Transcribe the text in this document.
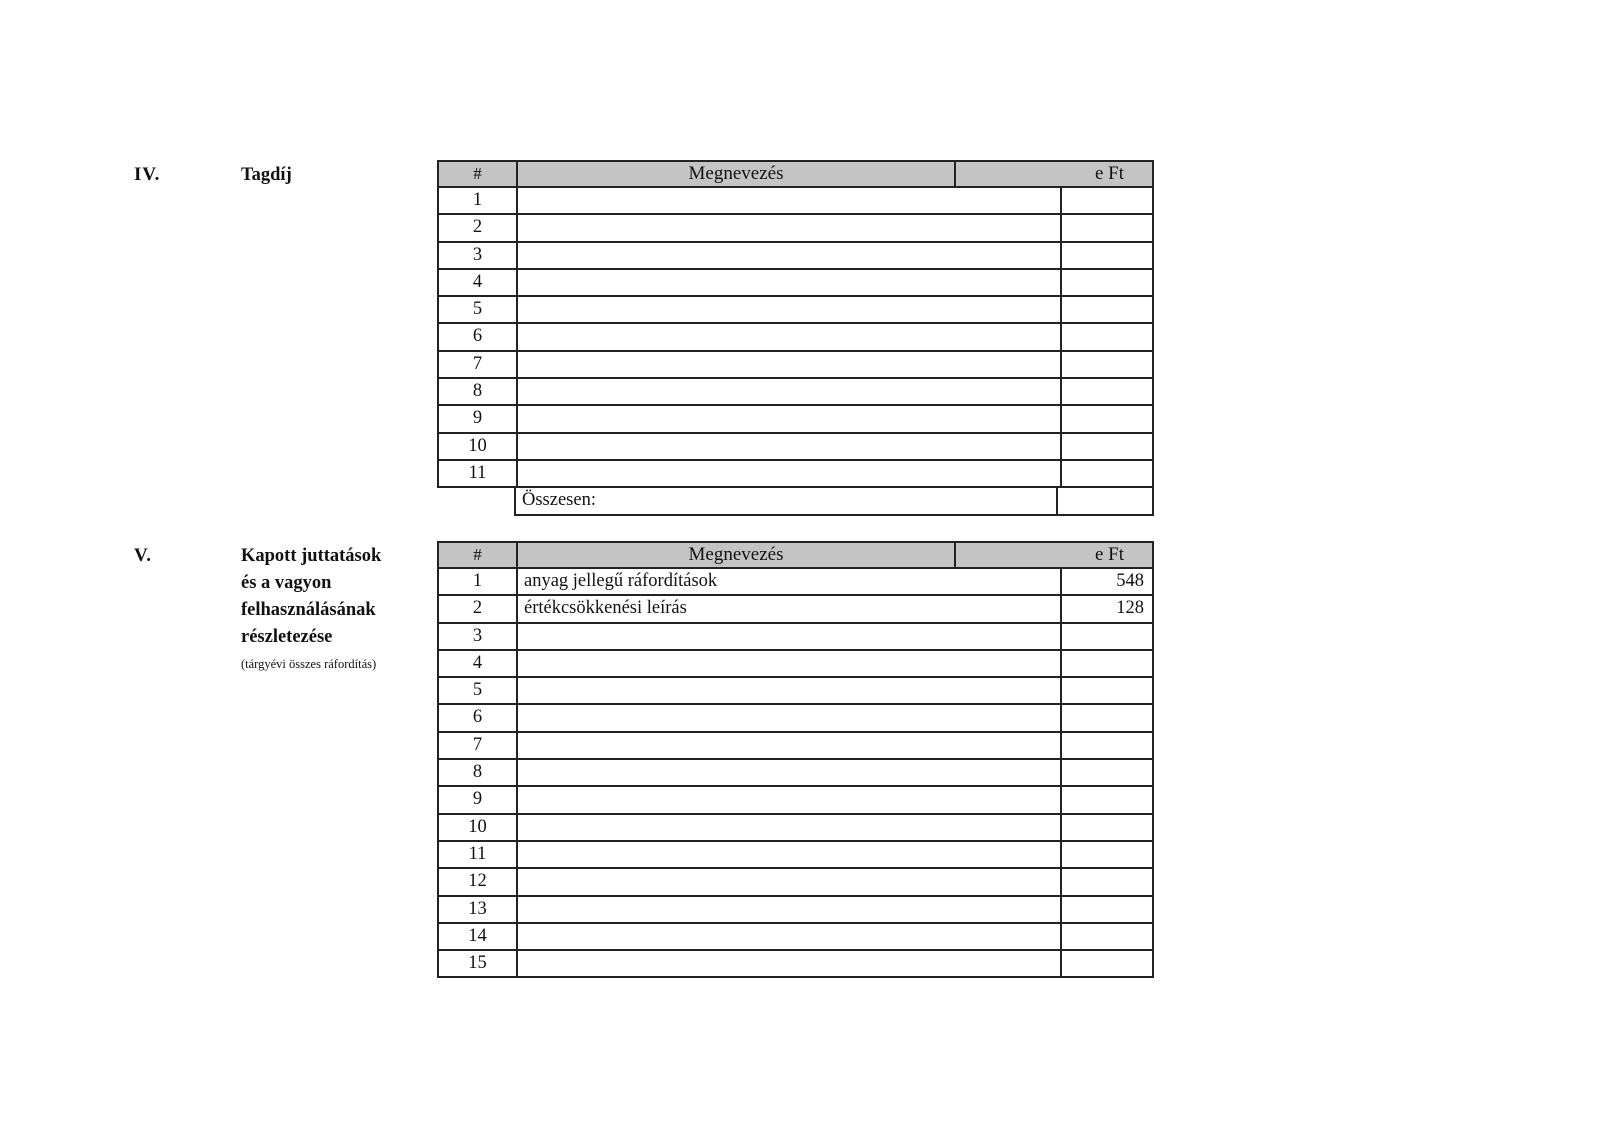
IV.	Tagdíj	#	Megnevezés	e Ft
1
2
3
4
5
6
7
8
9
10
11
Összesen:
V.	Kapott juttatások
és a vagyon
felhasználásának
részletezése
(tárgyévi összes ráfordítás)
#	Megnevezés	e Ft
1	anyag jellegű ráfordítások	548
2	értékcsökkenési leírás	128
3
4
5
6
7
8
9
10
11
12
13
14
15
